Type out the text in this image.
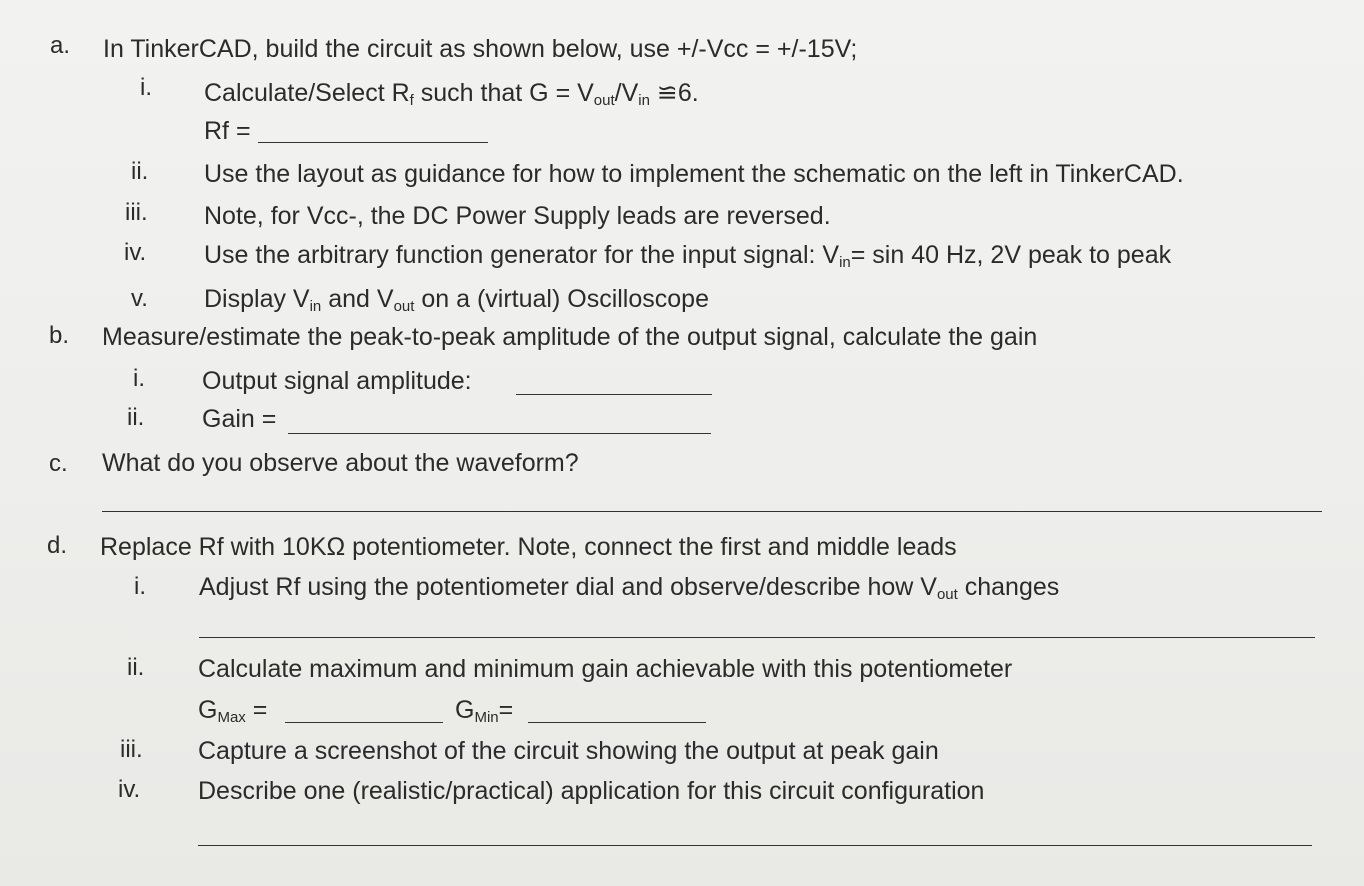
a. In TinkerCAD, build the circuit as shown below, use +/-Vcc = +/-15V;
i. Calculate/Select $R_f$ such that $G = V_{out}/V_{in}$ ≌6.
Rf =
ii. Use the layout as guidance for how to implement the schematic on the left in TinkerCAD.
iii. Note, for Vcc-, the DC Power Supply leads are reversed.
iv. Use the arbitrary function generator for the input signal: $V_{in}= \sin 40$ Hz, 2V peak to peak
v. Display $V_{in}$ and $V_{out}$ on a (virtual) Oscilloscope
b. Measure/estimate the peak-to-peak amplitude of the output signal, calculate the gain
i. Output signal amplitude:
ii. Gain =
c. What do you observe about the waveform?
d. Replace Rf with 10KΩ potentiometer. Note, connect the first and middle leads
i. Adjust Rf using the potentiometer dial and observe/describe how $V_{out}$ changes
ii. Calculate maximum and minimum gain achievable with this potentiometer
$G_{Max}$ =	$G_{Min}=$
iii. Capture a screenshot of the circuit showing the output at peak gain
iv. Describe one (realistic/practical) application for this circuit configuration
